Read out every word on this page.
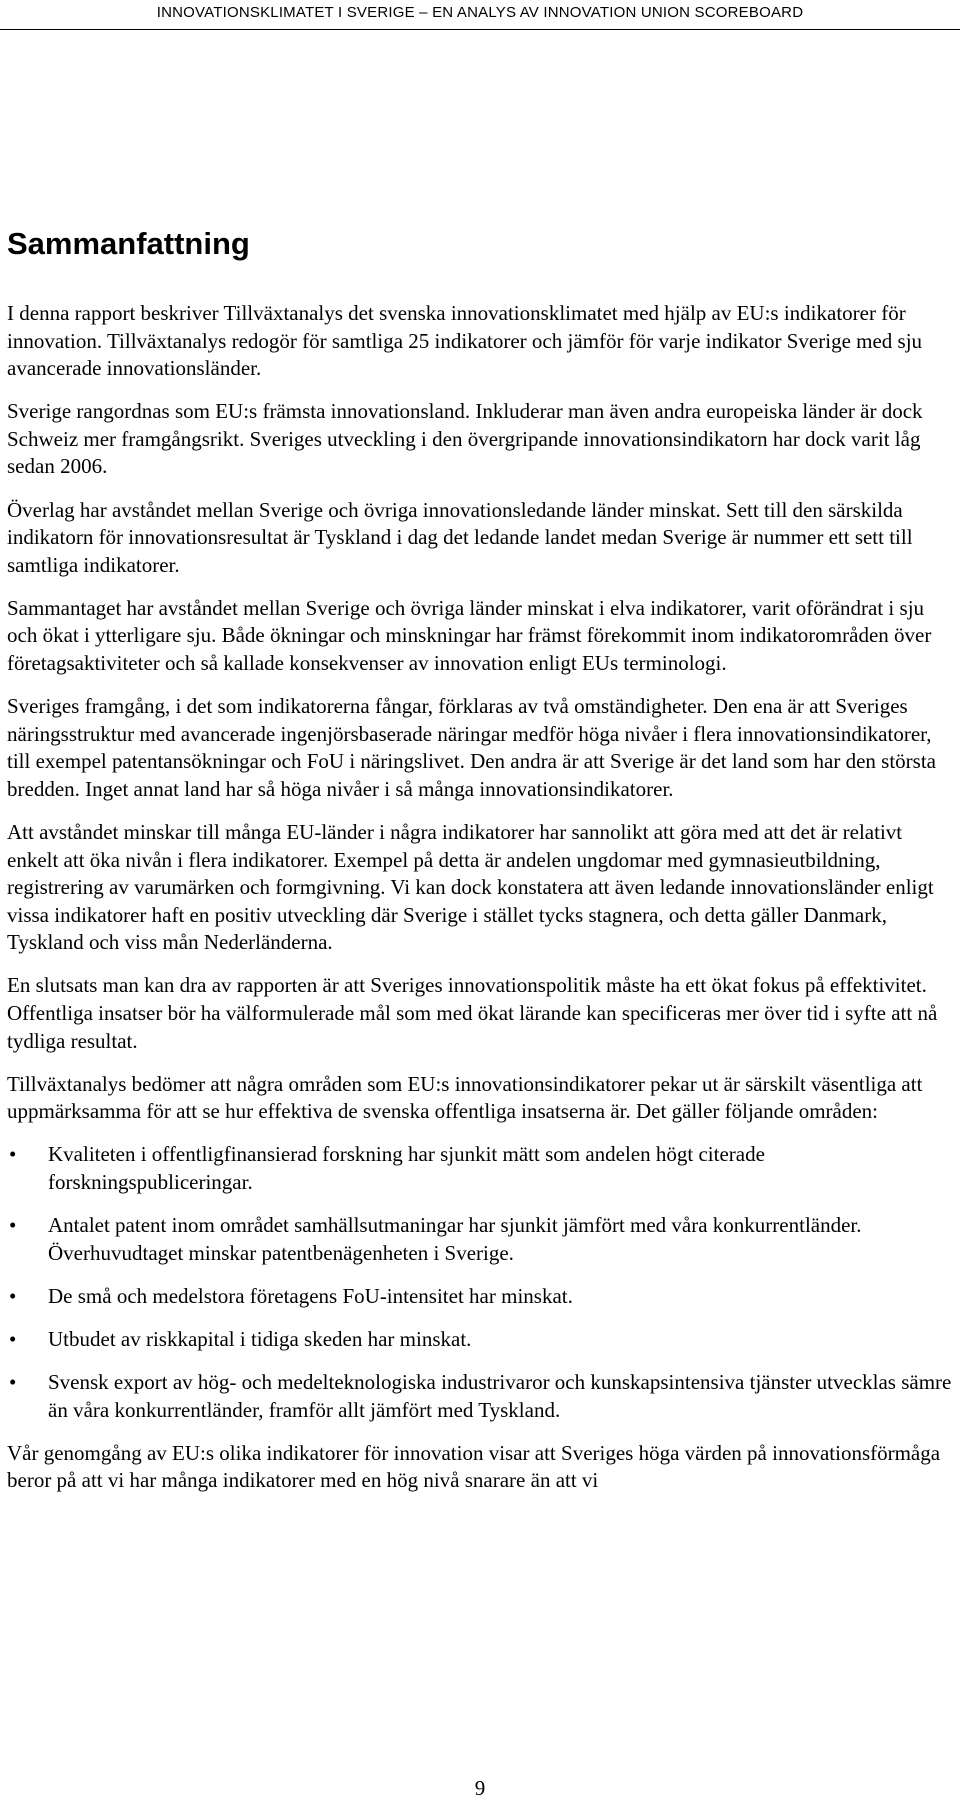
INNOVATIONSKLIMATET I SVERIGE – EN ANALYS AV INNOVATION UNION SCOREBOARD
Sammanfattning

I denna rapport beskriver Tillväxtanalys det svenska innovationsklimatet med hjälp av EU:s indikatorer för innovation. Tillväxtanalys redogör för samtliga 25 indikatorer och jämför för varje indikator Sverige med sju avancerade innovationsländer.

Sverige rangordnas som EU:s främsta innovationsland. Inkluderar man även andra europeiska länder är dock Schweiz mer framgångsrikt. Sveriges utveckling i den övergripande innovationsindikatorn har dock varit låg sedan 2006.

Överlag har avståndet mellan Sverige och övriga innovationsledande länder minskat. Sett till den särskilda indikatorn för innovationsresultat är Tyskland i dag det ledande landet medan Sverige är nummer ett sett till samtliga indikatorer.

Sammantaget har avståndet mellan Sverige och övriga länder minskat i elva indikatorer, varit oförändrat i sju och ökat i ytterligare sju. Både ökningar och minskningar har främst förekommit inom indikatorområden över företagsaktiviteter och så kallade konsekvenser av innovation enligt EUs terminologi.

Sveriges framgång, i det som indikatorerna fångar, förklaras av två omständigheter. Den ena är att Sveriges näringsstruktur med avancerade ingenjörsbaserade näringar medför höga nivåer i flera innovationsindikatorer, till exempel patentansökningar och FoU i näringslivet. Den andra är att Sverige är det land som har den största bredden. Inget annat land har så höga nivåer i så många innovationsindikatorer.

Att avståndet minskar till många EU-länder i några indikatorer har sannolikt att göra med att det är relativt enkelt att öka nivån i flera indikatorer. Exempel på detta är andelen ungdomar med gymnasieutbildning, registrering av varumärken och formgivning. Vi kan dock konstatera att även ledande innovationsländer enligt vissa indikatorer haft en positiv utveckling där Sverige i stället tycks stagnera, och detta gäller Danmark, Tyskland och viss mån Nederländerna.

En slutsats man kan dra av rapporten är att Sveriges innovationspolitik måste ha ett ökat fokus på effektivitet. Offentliga insatser bör ha välformulerade mål som med ökat lärande kan specificeras mer över tid i syfte att nå tydliga resultat.

Tillväxtanalys bedömer att några områden som EU:s innovationsindikatorer pekar ut är särskilt väsentliga att uppmärksamma för att se hur effektiva de svenska offentliga insatserna är. Det gäller följande områden:

• Kvaliteten i offentligfinansierad forskning har sjunkit mätt som andelen högt citerade forskningspubliceringar.
• Antalet patent inom området samhällsutmaningar har sjunkit jämfört med våra konkurrentländer. Överhuvudtaget minskar patentbenägenheten i Sverige.
• De små och medelstora företagens FoU-intensitet har minskat.
• Utbudet av riskkapital i tidiga skeden har minskat.
• Svensk export av hög- och medelteknologiska industrivaror och kunskapsintensiva tjänster utvecklas sämre än våra konkurrentländer, framför allt jämfört med Tyskland.

Vår genomgång av EU:s olika indikatorer för innovation visar att Sveriges höga värden på innovationsförmåga beror på att vi har många indikatorer med en hög nivå snarare än att vi

9
